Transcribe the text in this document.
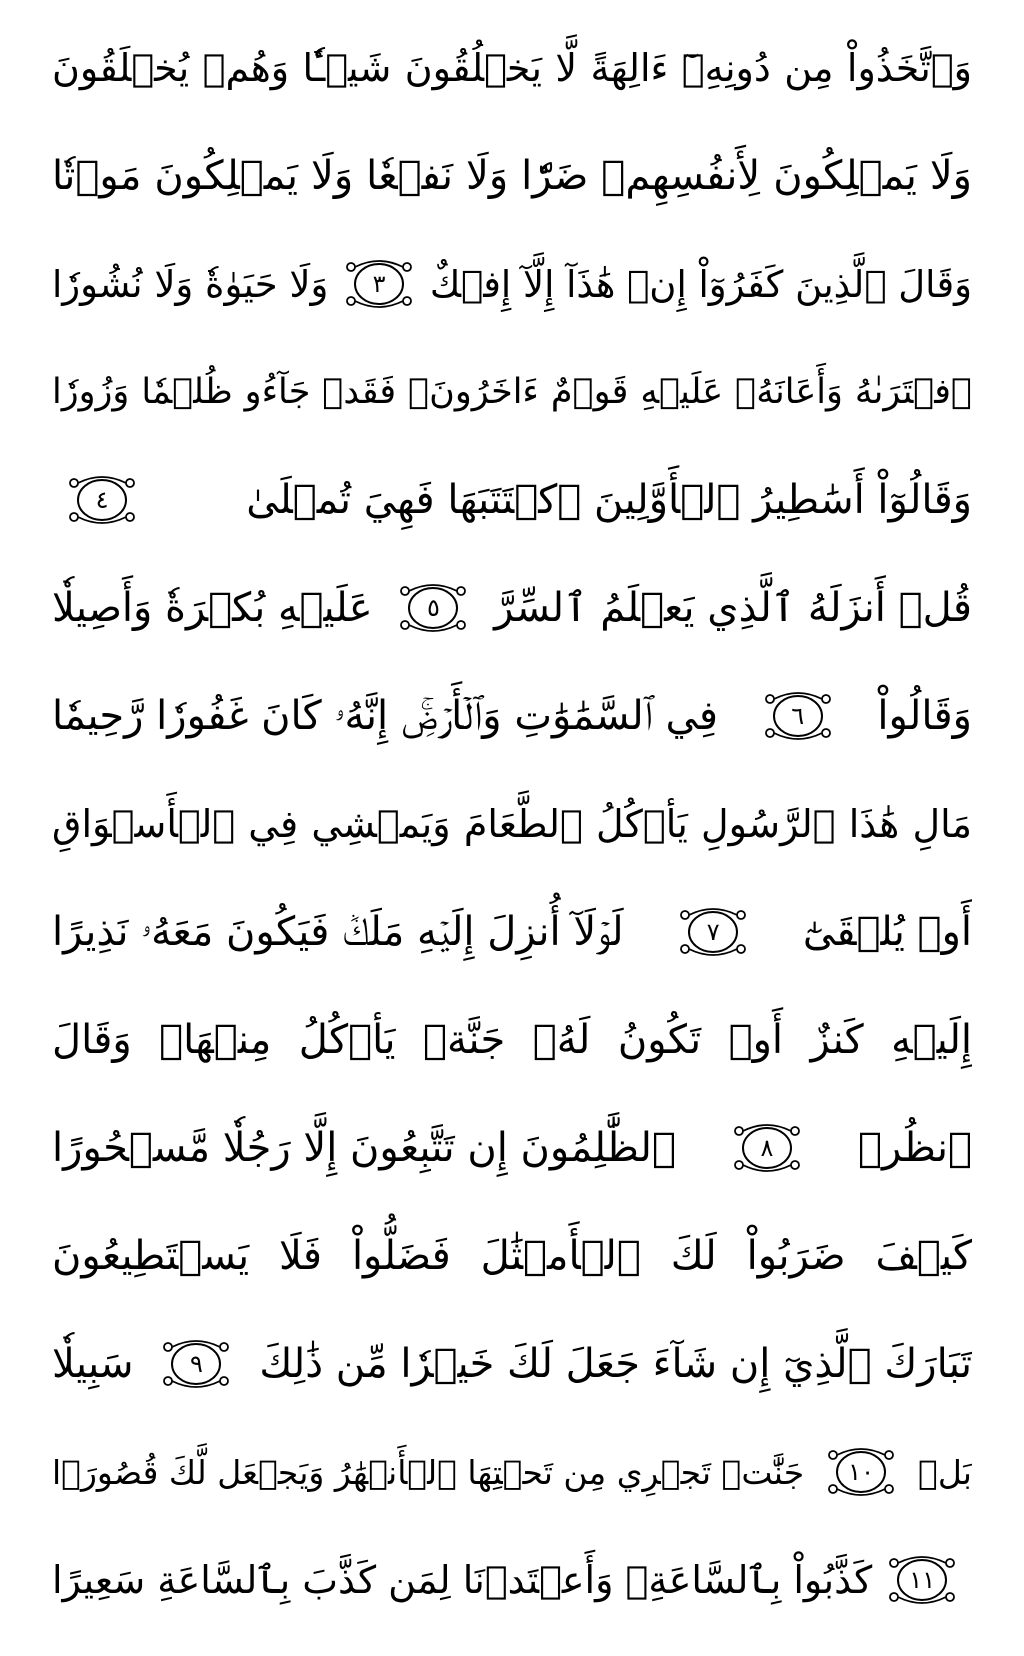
وَٱتَّخَذُواْ مِن دُونِهِۦٓ ءَالِهَةً لَّا يَخۡلُقُونَ شَيۡـٔٗا وَهُمۡ يُخۡلَقُونَ
وَلَا يَمۡلِكُونَ لِأَنفُسِهِمۡ ضَرّٗا وَلَا نَفۡعٗا وَلَا يَمۡلِكُونَ مَوۡتٗا
وَلَا حَيَوٰةٗ وَلَا نُشُورٗا ٣ وَقَالَ ٱلَّذِينَ كَفَرُوٓاْ إِنۡ هَٰذَآ إِلَّآ إِفۡكٌ
ٱفۡتَرَىٰهُ وَأَعَانَهُۥ عَلَيۡهِ قَوۡمٌ ءَاخَرُونَۖ فَقَدۡ جَآءُو ظُلۡمٗا وَزُورٗا
٤	وَقَالُوٓاْ أَسَٰطِيرُ ٱلۡأَوَّلِينَ ٱكۡتَتَبَهَا فَهِيَ تُمۡلَىٰ
عَلَيۡهِ بُكۡرَةٗ وَأَصِيلٗا ٥ قُلۡ أَنزَلَهُ ٱلَّذِي يَعۡلَمُ ٱلسِّرَّ
فِي ٱلسَّمَٰوَٰتِ وَٱلۡأَرۡضِۚ إِنَّهُۥ كَانَ غَفُورٗا رَّحِيمٗا	٦ وَقَالُواْ
مَالِ هَٰذَا ٱلرَّسُولِ يَأۡكُلُ ٱلطَّعَامَ وَيَمۡشِي فِي ٱلۡأَسۡوَاقِ
لَوۡلَآ أُنزِلَ إِلَيۡهِ مَلَكٞ فَيَكُونَ مَعَهُۥ نَذِيرًا	٧ أَوۡ يُلۡقَىٰٓ
إِلَيۡهِ كَنزٌ أَوۡ تَكُونُ لَهُۥ جَنَّةٞ يَأۡكُلُ مِنۡهَاۚ وَقَالَ
ٱلظَّٰلِمُونَ إِن تَتَّبِعُونَ إِلَّا رَجُلٗا مَّسۡحُورًا	٨ ٱنظُرۡ
كَيۡفَ ضَرَبُواْ لَكَ ٱلۡأَمۡثَٰلَ فَضَلُّواْ فَلَا يَسۡتَطِيعُونَ
سَبِيلٗا ٩ تَبَارَكَ ٱلَّذِيٓ إِن شَآءَ جَعَلَ لَكَ خَيۡرٗا مِّن ذَٰلِكَ
جَنَّٰتٖ تَجۡرِي مِن تَحۡتِهَا ٱلۡأَنۡهَٰرُ وَيَجۡعَل لَّكَ قُصُورَۢا ١٠ بَلۡ
كَذَّبُواْ بِٱلسَّاعَةِۖ وَأَعۡتَدۡنَا لِمَن كَذَّبَ بِٱلسَّاعَةِ سَعِيرًا ١١
